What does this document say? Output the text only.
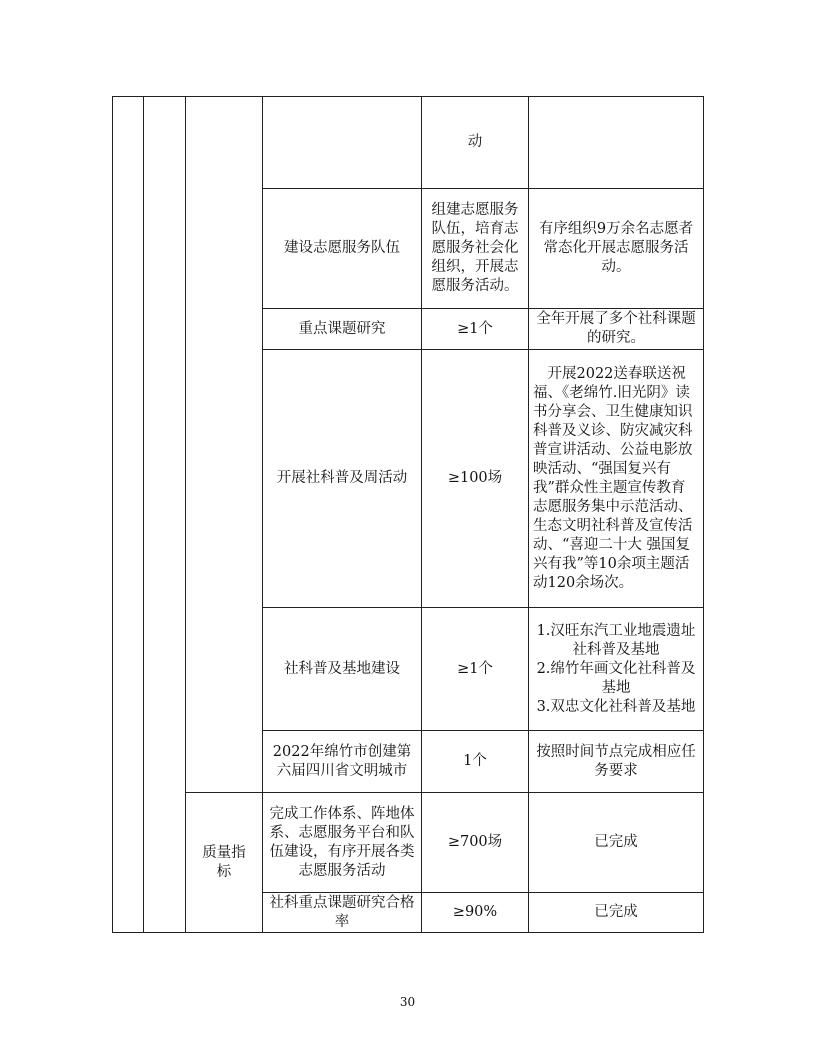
				动	
			建设志愿服务队伍	组建志愿服务队伍，培育志愿服务社会化组织，开展志愿服务活动。	有序组织9万余名志愿者常态化开展志愿服务活动。
			重点课题研究	≥1个	全年开展了多个社科课题的研究。
			开展社科普及周活动	≥100场	开展2022送春联送祝福、《老绵竹.旧光阴》读书分享会、卫生健康知识科普及义诊、防灾减灾科普宣讲活动、公益电影放映活动、“强国复兴有我”群众性主题宣传教育志愿服务集中示范活动、生态文明社科普及宣传活动、“喜迎二十大 强国复兴有我”等10余项主题活动120余场次。
			社科普及基地建设	≥1个	1.汉旺东汽工业地震遗址社科普及基地
2.绵竹年画文化社科普及基地
3.双忠文化社科普及基地

			2022年绵竹市创建第六届四川省文明城市	1个	按照时间节点完成相应任务要求

		质量指标	完成工作体系、阵地体系、志愿服务平台和队伍建设，有序开展各类志愿服务活动	≥700场	已完成
			社科重点课题研究合格率	≥90%	已完成
30
